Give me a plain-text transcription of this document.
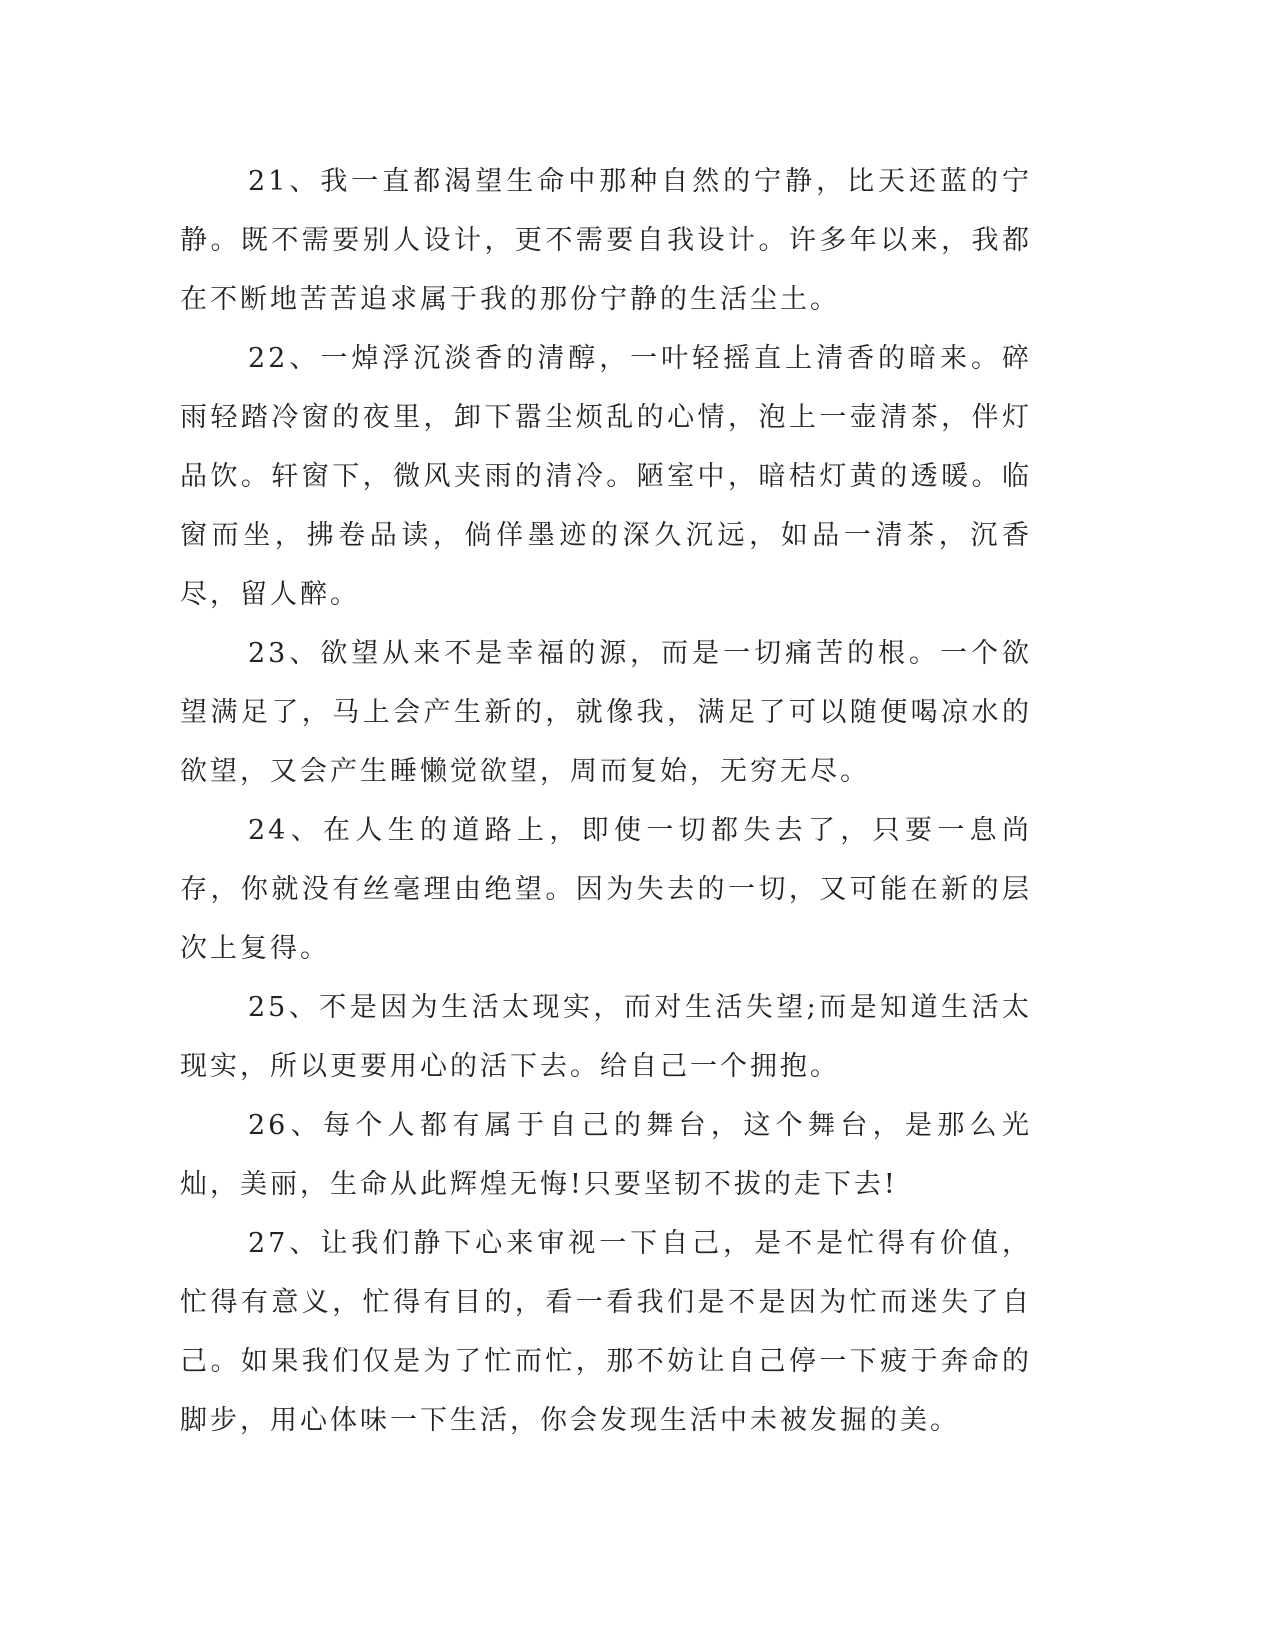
21、我一直都渴望生命中那种自然的宁静，比天还蓝的宁静。既不需要别人设计，更不需要自我设计。许多年以来，我都在不断地苦苦追求属于我的那份宁静的生活尘土。

22、一焯浮沉淡香的清醇，一叶轻摇直上清香的暗来。碎雨轻踏冷窗的夜里，卸下嚣尘烦乱的心情，泡上一壶清茶，伴灯品饮。轩窗下，微风夹雨的清冷。陋室中，暗桔灯黄的透暖。临窗而坐，拂卷品读，倘佯墨迹的深久沉远，如品一清茶，沉香尽，留人醉。

23、欲望从来不是幸福的源，而是一切痛苦的根。一个欲望满足了，马上会产生新的，就像我，满足了可以随便喝凉水的欲望，又会产生睡懒觉欲望，周而复始，无穷无尽。

24、在人生的道路上，即使一切都失去了，只要一息尚存，你就没有丝毫理由绝望。因为失去的一切，又可能在新的层次上复得。

25、不是因为生活太现实，而对生活失望;而是知道生活太现实，所以更要用心的活下去。给自己一个拥抱。

26、每个人都有属于自己的舞台，这个舞台，是那么光灿，美丽，生命从此辉煌无悔!只要坚韧不拔的走下去!

27、让我们静下心来审视一下自己，是不是忙得有价值，忙得有意义，忙得有目的，看一看我们是不是因为忙而迷失了自己。如果我们仅是为了忙而忙，那不妨让自己停一下疲于奔命的脚步，用心体味一下生活，你会发现生活中未被发掘的美。
